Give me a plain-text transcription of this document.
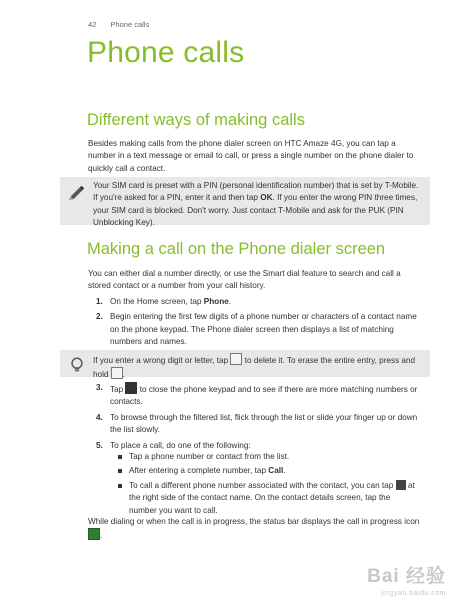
42 Phone calls
Phone calls
Different ways of making calls
Besides making calls from the phone dialer screen on HTC Amaze 4G, you can tap a number in a text message or email to call, or press a single number on the phone dialer to quickly call a contact.
Your SIM card is preset with a PIN (personal identification number) that is set by T-Mobile. If you're asked for a PIN, enter it and then tap OK. If you enter the wrong PIN three times, your SIM card is blocked. Don't worry. Just contact T-Mobile and ask for the PUK (PIN Unblocking Key).
Making a call on the Phone dialer screen
You can either dial a number directly, or use the Smart dial feature to search and call a stored contact or a number from your call history.
1. On the Home screen, tap Phone.
2. Begin entering the first few digits of a phone number or characters of a contact name on the phone keypad. The Phone dialer screen then displays a list of matching numbers and names.
If you enter a wrong digit or letter, tap  to delete it. To erase the entire entry, press and hold .
3. Tap  to close the phone keypad and to see if there are more matching numbers or contacts.
4. To browse through the filtered list, flick through the list or slide your finger up or down the list slowly.
5. To place a call, do one of the following:
Tap a phone number or contact from the list.
After entering a complete number, tap Call.
To call a different phone number associated with the contact, you can tap  at the right side of the contact name. On the contact details screen, tap the number you want to call.
While dialing or when the call is in progress, the status bar displays the call in progress icon .
Bai 经验
jingyan.baidu.com
